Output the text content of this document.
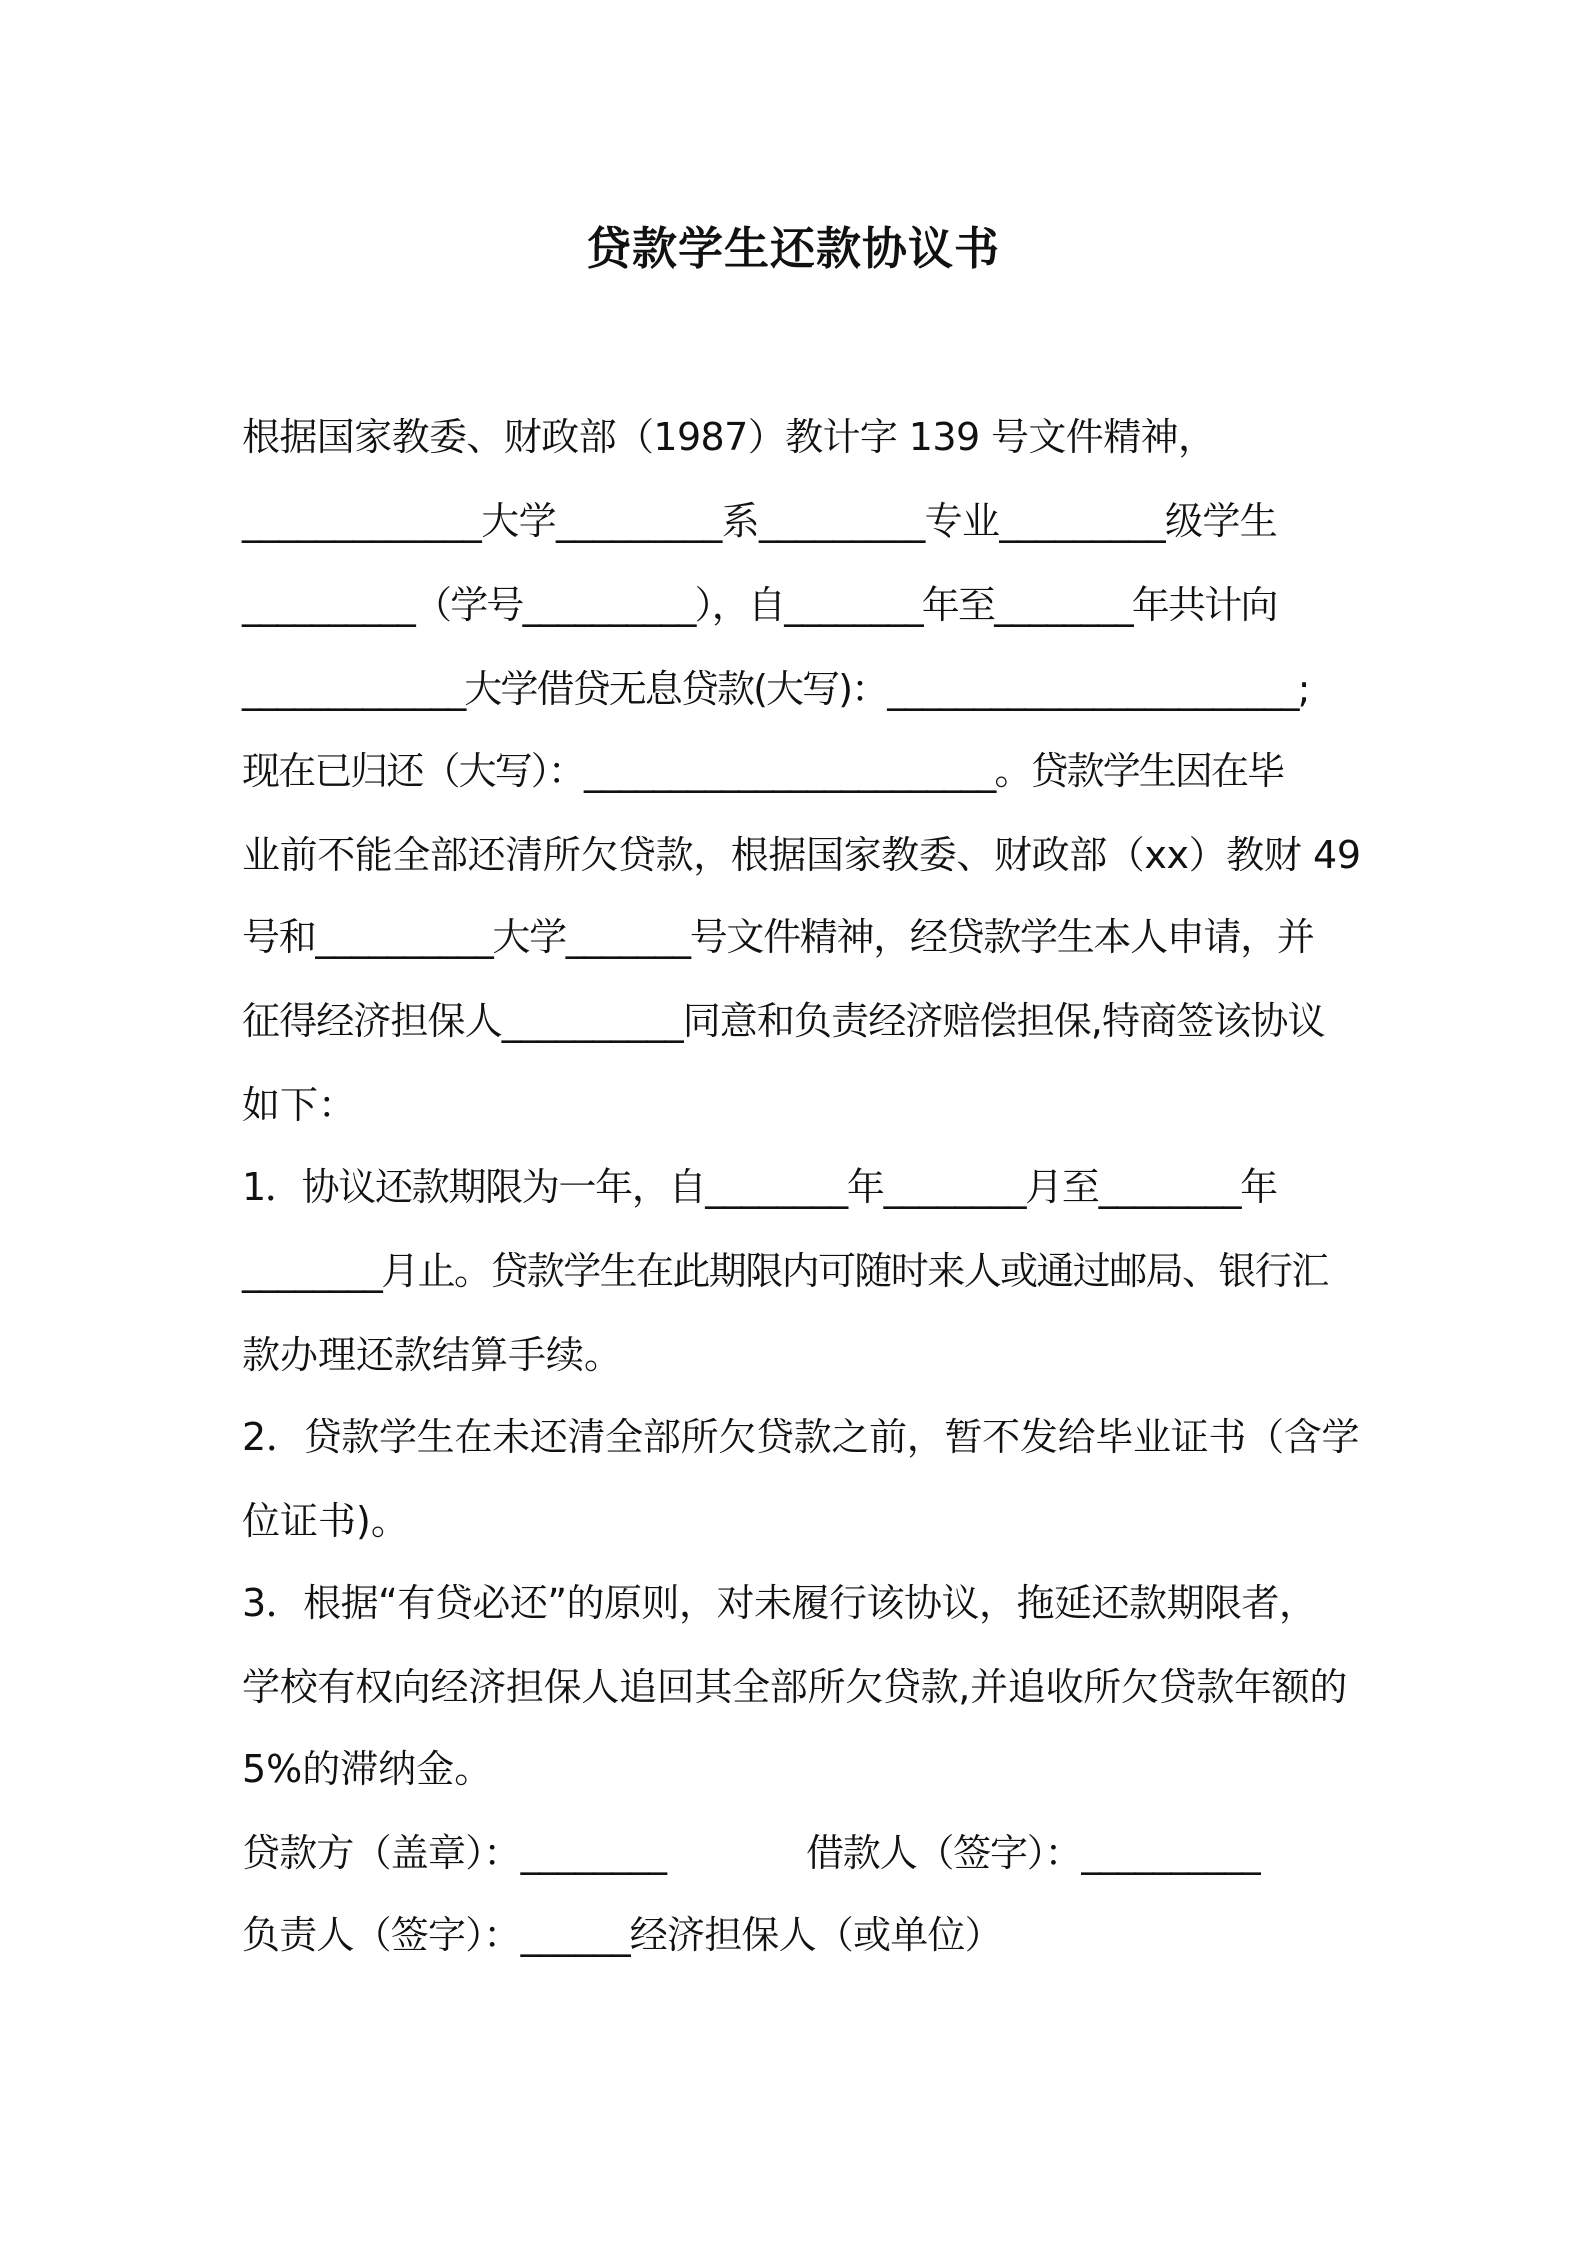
贷款学生还款协议书

根据国家教委、财政部（1987）教计字 139 号文件精神，

_____________大学_________系_________专业_________级学生

__________（学号__________），自________年至________年共计向

_____________大学借贷无息贷款(大写)：________________________;

现在已归还（大写）：________________________。贷款学生因在毕

业前不能全部还清所欠贷款，根据国家教委、财政部（xx）教财 49

号和__________大学_______号文件精神，经贷款学生本人申请，并

征得经济担保人__________同意和负责经济赔偿担保,特商签该协议

如下：

1．协议还款期限为一年，自________年________月至________年

________月止。贷款学生在此期限内可随时来人或通过邮局、银行汇

款办理还款结算手续。

2．贷款学生在未还清全部所欠贷款之前，暂不发给毕业证书（含学

位证书)。

3．根据“有贷必还”的原则，对未履行该协议，拖延还款期限者，

学校有权向经济担保人追回其全部所欠贷款,并追收所欠贷款年额的

5%的滞纳金。

贷款方（盖章）：________	借款人（签字）：__________

负责人（签字）：______经济担保人（或单位）
